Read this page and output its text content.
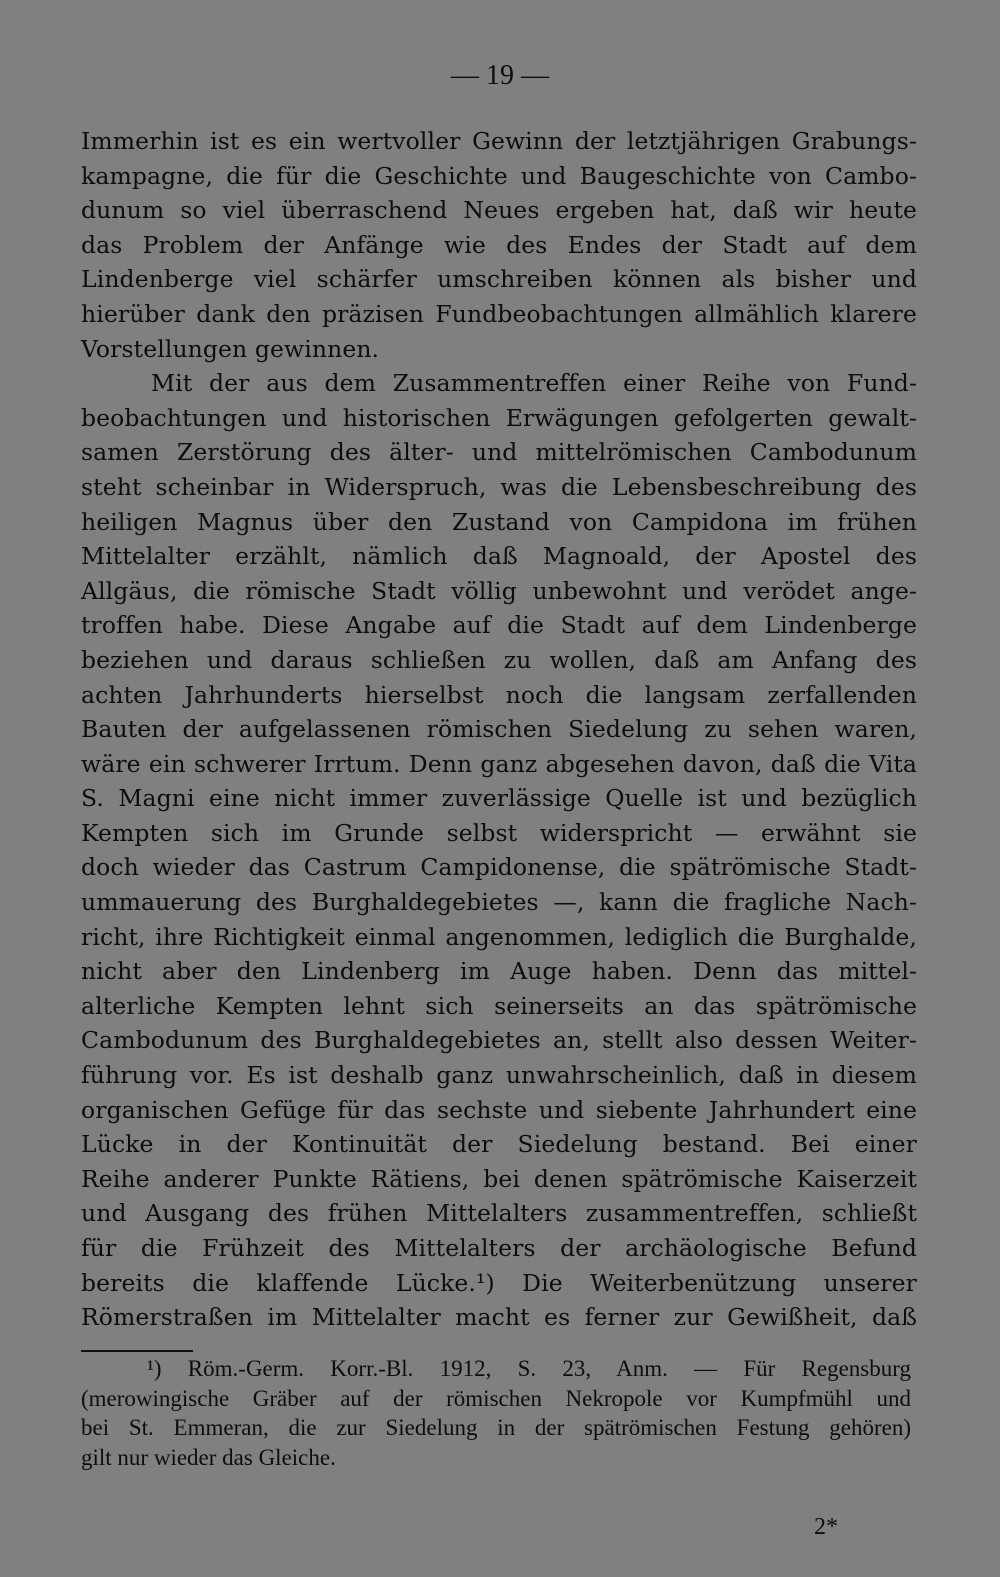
— 19 —
Immerhin ist es ein wertvoller Gewinn der letztjährigen Grabungs-
kampagne, die für die Geschichte und Baugeschichte von Cambo-
dunum so viel überraschend Neues ergeben hat, daß wir heute
das Problem der Anfänge wie des Endes der Stadt auf dem
Lindenberge viel schärfer umschreiben können als bisher und
hierüber dank den präzisen Fundbeobachtungen allmählich klarere
Vorstellungen gewinnen.
Mit der aus dem Zusammentreffen einer Reihe von Fund-
beobachtungen und historischen Erwägungen gefolgerten gewalt-
samen Zerstörung des älter- und mittelrömischen Cambodunum
steht scheinbar in Widerspruch, was die Lebensbeschreibung des
heiligen Magnus über den Zustand von Campidona im frühen
Mittelalter erzählt, nämlich daß Magnoald, der Apostel des
Allgäus, die römische Stadt völlig unbewohnt und verödet ange-
troffen habe. Diese Angabe auf die Stadt auf dem Lindenberge
beziehen und daraus schließen zu wollen, daß am Anfang des
achten Jahrhunderts hierselbst noch die langsam zerfallenden
Bauten der aufgelassenen römischen Siedelung zu sehen waren,
wäre ein schwerer Irrtum. Denn ganz abgesehen davon, daß die Vita
S. Magni eine nicht immer zuverlässige Quelle ist und bezüglich
Kempten sich im Grunde selbst widerspricht — erwähnt sie
doch wieder das Castrum Campidonense, die spätrömische Stadt-
ummauerung des Burghaldegebietes —, kann die fragliche Nach-
richt, ihre Richtigkeit einmal angenommen, lediglich die Burghalde,
nicht aber den Lindenberg im Auge haben. Denn das mittel-
alterliche Kempten lehnt sich seinerseits an das spätrömische
Cambodunum des Burghaldegebietes an, stellt also dessen Weiter-
führung vor. Es ist deshalb ganz unwahrscheinlich, daß in diesem
organischen Gefüge für das sechste und siebente Jahrhundert eine
Lücke in der Kontinuität der Siedelung bestand. Bei einer
Reihe anderer Punkte Rätiens, bei denen spätrömische Kaiserzeit
und Ausgang des frühen Mittelalters zusammentreffen, schließt
für die Frühzeit des Mittelalters der archäologische Befund
bereits die klaffende Lücke.¹) Die Weiterbenützung unserer
Römerstraßen im Mittelalter macht es ferner zur Gewißheit, daß
¹) Röm.-Germ. Korr.-Bl. 1912, S. 23, Anm. — Für Regensburg
(merowingische Gräber auf der römischen Nekropole vor Kumpfmühl und
bei St. Emmeran, die zur Siedelung in der spätrömischen Festung gehören)
gilt nur wieder das Gleiche.
2*
